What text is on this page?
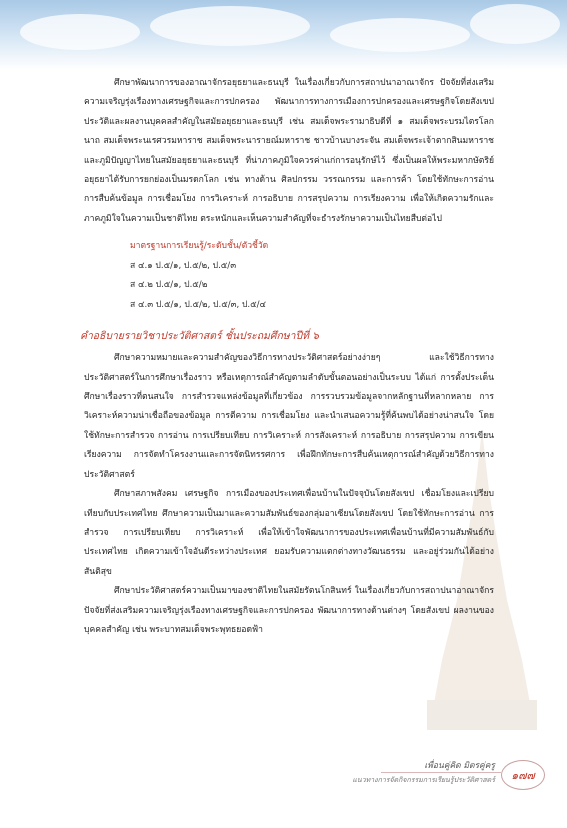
ศึกษาพัฒนาการของอาณาจักรอยุธยาและธนบุรี ในเรื่องเกี่ยวกับการสถาปนาอาณาจักร ปัจจัยที่ส่งเสริมความเจริญรุ่งเรืองทางเศรษฐกิจและการปกครอง พัฒนาการทางการเมืองการปกครองและเศรษฐกิจโดยสังเขป ประวัติและผลงานบุคคลสำคัญในสมัยอยุธยาและธนบุรี เช่น สมเด็จพระรามาธิบดีที่ ๑ สมเด็จพระบรมไตรโลกนาถ สมเด็จพระนเรศวรมหาราช สมเด็จพระนารายณ์มหาราช ชาวบ้านบางระจัน สมเด็จพระเจ้าตากสินมหาราช และภูมิปัญญาไทยในสมัยอยุธยาและธนบุรี ที่น่าภาคภูมิใจควรค่าแก่การอนุรักษ์ไว้ ซึ่งเป็นผลให้พระมหากษัตริย์อยุธยาได้รับการยกย่องเป็นมรดกโลก เช่น ทางด้าน ศิลปกรรม วรรณกรรม และการค้า โดยใช้ทักษะการอ่าน การสืบค้นข้อมูล การเชื่อมโยง การวิเคราะห์ การอธิบาย การสรุปความ การเรียงความ เพื่อให้เกิดความรักและภาคภูมิใจในความเป็นชาติไทย ตระหนักและเห็นความสำคัญที่จะธำรงรักษาความเป็นไทยสืบต่อไป

มาตรฐานการเรียนรู้/ระดับชั้น/ตัวชี้วัด
ส ๔.๑ ป.๕/๑, ป.๕/๒, ป.๕/๓
ส ๔.๒ ป.๕/๑, ป.๕/๒
ส ๔.๓ ป.๕/๑, ป.๕/๒, ป.๕/๓, ป.๕/๔
คำอธิบายรายวิชาประวัติศาสตร์ ชั้นประถมศึกษาปีที่ ๖

ศึกษาความหมายและความสำคัญของวิธีการทางประวัติศาสตร์อย่างง่ายๆ และใช้วิธีการทางประวัติศาสตร์ในการศึกษาเรื่องราว หรือเหตุการณ์สำคัญตามลำดับขั้นตอนอย่างเป็นระบบ ได้แก่ การตั้งประเด็นศึกษาเรื่องราวที่ตนสนใจ การสำรวจแหล่งข้อมูลที่เกี่ยวข้อง การรวบรวมข้อมูลจากหลักฐานที่หลากหลาย การวิเคราะห์ความน่าเชื่อถือของข้อมูล การตีความ การเชื่อมโยง และนำเสนอความรู้ที่ค้นพบได้อย่างน่าสนใจ โดยใช้ทักษะการสำรวจ การอ่าน การเปรียบเทียบ การวิเคราะห์ การสังเคราะห์ การอธิบาย การสรุปความ การเขียนเรียงความ การจัดทำโครงงานและการจัดนิทรรศการ เพื่อฝึกทักษะการสืบค้นเหตุการณ์สำคัญด้วยวิธีการทางประวัติศาสตร์

ศึกษาสภาพสังคม เศรษฐกิจ การเมืองของประเทศเพื่อนบ้านในปัจจุบันโดยสังเขป เชื่อมโยงและเปรียบเทียบกับประเทศไทย ศึกษาความเป็นมาและความสัมพันธ์ของกลุ่มอาเซียนโดยสังเขป โดยใช้ทักษะการอ่าน การสำรวจ การเปรียบเทียบ การวิเคราะห์ เพื่อให้เข้าใจพัฒนาการของประเทศเพื่อนบ้านที่มีความสัมพันธ์กับประเทศไทย เกิดความเข้าใจอันดีระหว่างประเทศ ยอมรับความแตกต่างทางวัฒนธรรม และอยู่ร่วมกันได้อย่างสันติสุข

ศึกษาประวัติศาสตร์ความเป็นมาของชาติไทยในสมัยรัตนโกสินทร์ ในเรื่องเกี่ยวกับการสถาปนาอาณาจักร ปัจจัยที่ส่งเสริมความเจริญรุ่งเรืองทางเศรษฐกิจและการปกครอง พัฒนาการทางด้านต่างๆ โดยสังเขป ผลงานของบุคคลสำคัญ เช่น พระบาทสมเด็จพระพุทธยอดฟ้า

เพื่อนคู่คิด มิตรคู่ครู
แนวทางการจัดกิจกรรมการเรียนรู้ประวัติศาสตร์	๑๗๗
